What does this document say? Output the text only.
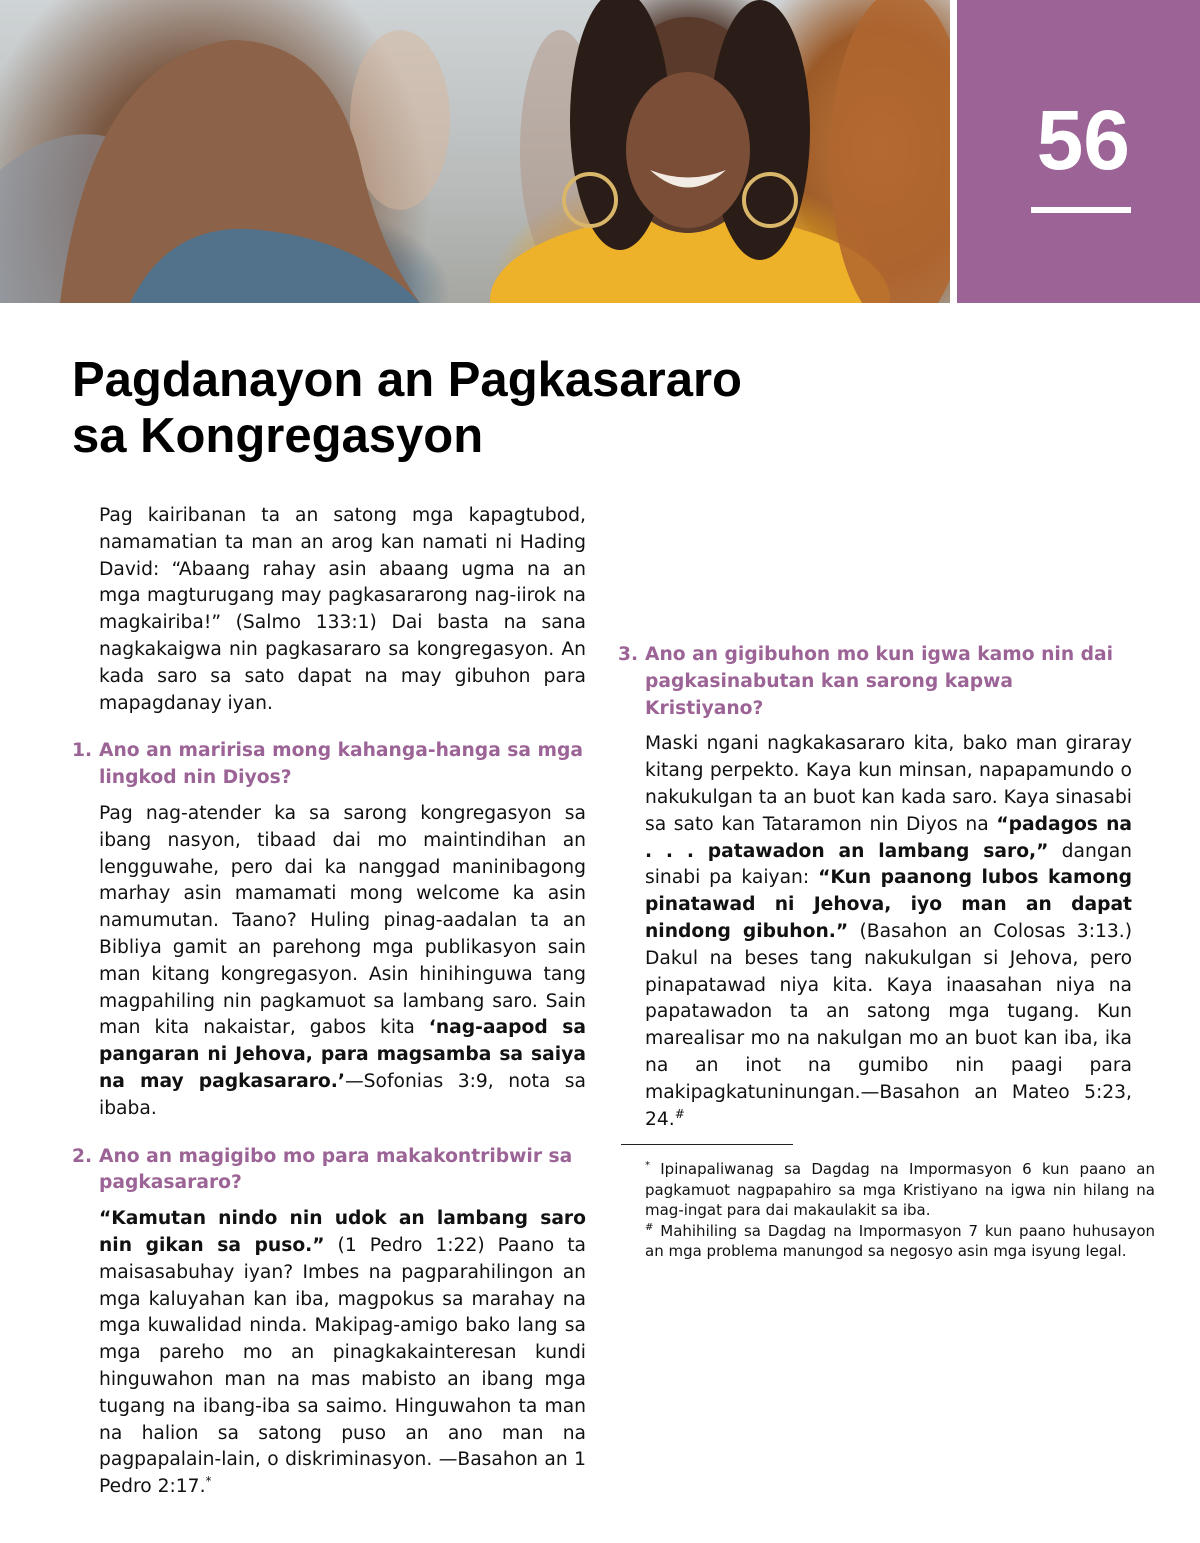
56

Pagdanayon an Pagkasararo
sa Kongregasyon

Pag kairibanan ta an satong mga kapagtubod, namamatian ta man an arog kan namati ni Hading David: “Abaang rahay asin abaang ugma na an mga magturugang may pagkasararong nag-iirok na magkairiba!” (Salmo 133:1) Dai basta na sana nagkakaigwa nin pagkasararo sa kongregasyon. An kada saro sa sato dapat na may gibuhon para mapagdanay iyan.

1. Ano an maririsa mong kahanga-hanga sa mga lingkod nin Diyos?

Pag nag-atender ka sa sarong kongregasyon sa ibang nasyon, tibaad dai mo maintindihan an lengguwahe, pero dai ka nanggad maninibagong marhay asin mamamati mong welcome ka asin namumutan. Taano? Huling pinag-aadalan ta an Bibliya gamit an parehong mga publikasyon sain man kitang kongregasyon. Asin hinihinguwa tang magpahiling nin pagkamuot sa lambang saro. Sain man kita nakaistar, gabos kita ‘nag-aapod sa pangaran ni Jehova, para magsamba sa saiya na may pagkasararo.’—Sofonias 3:9, nota sa ibaba.

2. Ano an magigibo mo para makakontribwir sa pagkasararo?

“Kamutan nindo nin udok an lambang saro nin gikan sa puso.” (1 Pedro 1:22) Paano ta maisasabuhay iyan? Imbes na pagparahilingon an mga kaluyahan kan iba, magpokus sa marahay na mga kuwalidad ninda. Makipag-amigo bako lang sa mga pareho mo an pinagkakainteresan kundi hinguwahon man na mas mabisto an ibang mga tugang na ibang-iba sa saimo. Hinguwahon ta man na halion sa satong puso an ano man na pagpapalain-lain, o diskriminasyon. —Basahon an 1 Pedro 2:17.*

3. Ano an gigibuhon mo kun igwa kamo nin dai pagkasinabutan kan sarong kapwa Kristiyano?

Maski ngani nagkakasararo kita, bako man giraray kitang perpekto. Kaya kun minsan, napapamundo o nakukulgan ta an buot kan kada saro. Kaya sinasabi sa sato kan Tataramon nin Diyos na “padagos na . . . patawadon an lambang saro,” dangan sinabi pa kaiyan: “Kun paanong lubos kamong pinatawad ni Jehova, iyo man an dapat nindong gibuhon.” (Basahon an Colosas 3:13.) Dakul na beses tang nakukulgan si Jehova, pero pinapatawad niya kita. Kaya inaasahan niya na papatawadon ta an satong mga tugang. Kun marealisar mo na nakulgan mo an buot kan iba, ika na an inot na gumibo nin paagi para makipagkatuninungan.—Basahon an Mateo 5:23, 24.#

* Ipinapaliwanag sa Dagdag na Impormasyon 6 kun paano an pagkamuot nagpapahiro sa mga Kristiyano na igwa nin hilang na mag-ingat para dai makaulakit sa iba.

# Mahihiling sa Dagdag na Impormasyon 7 kun paano huhusayon an mga problema manungod sa negosyo asin mga isyung legal.
